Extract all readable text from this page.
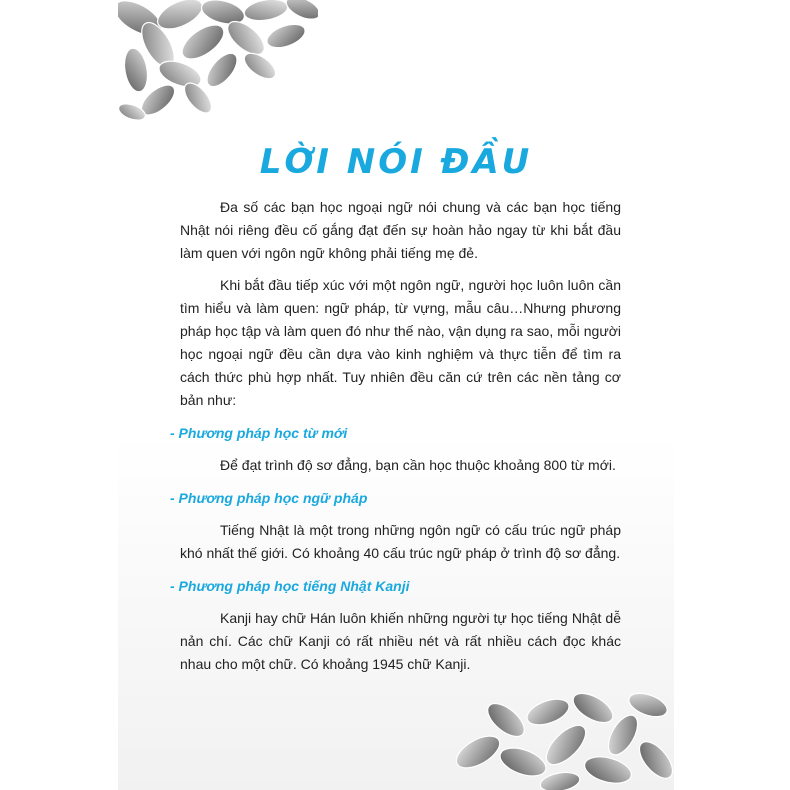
LỜI NÓI ĐẦU

Đa số các bạn học ngoại ngữ nói chung và các bạn học tiếng Nhật nói riêng đều cố gắng đạt đến sự hoàn hảo ngay từ khi bắt đầu làm quen với ngôn ngữ không phải tiếng mẹ đẻ.

Khi bắt đầu tiếp xúc với một ngôn ngữ, người học luôn luôn cần tìm hiểu và làm quen: ngữ pháp, từ vựng, mẫu câu…Nhưng phương pháp học tập và làm quen đó như thế nào, vận dụng ra sao, mỗi người học ngoại ngữ đều cần dựa vào kinh nghiệm và thực tiễn để tìm ra cách thức phù hợp nhất. Tuy nhiên đều căn cứ trên các nền tảng cơ bản như:

- Phương pháp học từ mới

Để đạt trình độ sơ đẳng, bạn cần học thuộc khoảng 800 từ mới.

- Phương pháp học ngữ pháp

Tiếng Nhật là một trong những ngôn ngữ có cấu trúc ngữ pháp khó nhất thế giới. Có khoảng 40 cấu trúc ngữ pháp ở trình độ sơ đẳng.

- Phương pháp học tiếng Nhật Kanji

Kanji hay chữ Hán luôn khiến những người tự học tiếng Nhật dễ nản chí. Các chữ Kanji có rất nhiều nét và rất nhiều cách đọc khác nhau cho một chữ. Có khoảng 1945 chữ Kanji.
